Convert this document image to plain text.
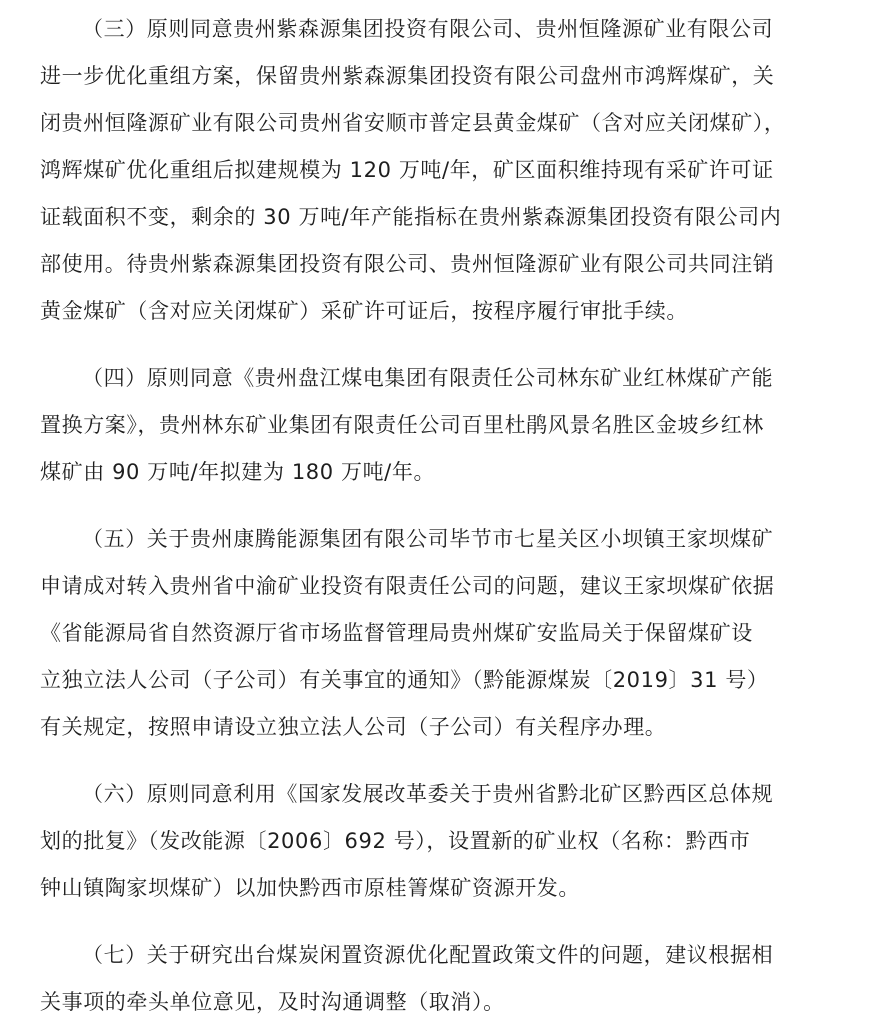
（三）原则同意贵州紫森源集团投资有限公司、贵州恒隆源矿业有限公司
进一步优化重组方案，保留贵州紫森源集团投资有限公司盘州市鸿辉煤矿，关
闭贵州恒隆源矿业有限公司贵州省安顺市普定县黄金煤矿（含对应关闭煤矿），
鸿辉煤矿优化重组后拟建规模为 120 万吨/年，矿区面积维持现有采矿许可证
证载面积不变，剩余的 30 万吨/年产能指标在贵州紫森源集团投资有限公司内
部使用。待贵州紫森源集团投资有限公司、贵州恒隆源矿业有限公司共同注销
黄金煤矿（含对应关闭煤矿）采矿许可证后，按程序履行审批手续。

（四）原则同意《贵州盘江煤电集团有限责任公司林东矿业红林煤矿产能
置换方案》，贵州林东矿业集团有限责任公司百里杜鹃风景名胜区金坡乡红林
煤矿由 90 万吨/年拟建为 180 万吨/年。

（五）关于贵州康腾能源集团有限公司毕节市七星关区小坝镇王家坝煤矿
申请成对转入贵州省中渝矿业投资有限责任公司的问题，建议王家坝煤矿依据
《省能源局省自然资源厅省市场监督管理局贵州煤矿安监局关于保留煤矿设
立独立法人公司（子公司）有关事宜的通知》（黔能源煤炭〔2019〕31 号）
有关规定，按照申请设立独立法人公司（子公司）有关程序办理。

（六）原则同意利用《国家发展改革委关于贵州省黔北矿区黔西区总体规
划的批复》（发改能源〔2006〕692 号），设置新的矿业权（名称：黔西市
钟山镇陶家坝煤矿）以加快黔西市原桂箐煤矿资源开发。

（七）关于研究出台煤炭闲置资源优化配置政策文件的问题，建议根据相
关事项的牵头单位意见，及时沟通调整（取消）。
